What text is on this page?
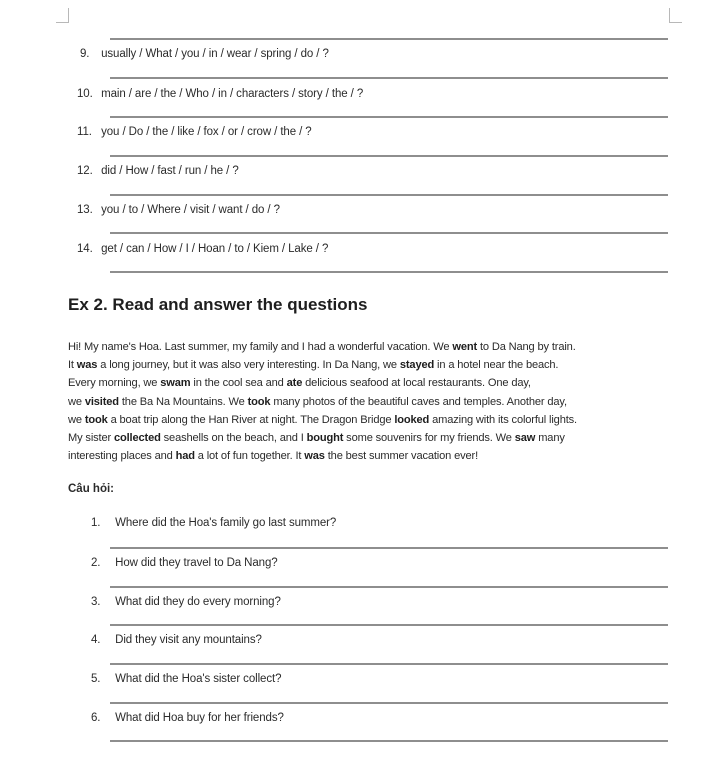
9. usually / What / you / in / wear / spring / do / ?
10. main / are / the / Who / in / characters / story / the / ?
11. you / Do / the / like / fox / or / crow / the / ?
12. did / How / fast / run / he / ?
13. you / to / Where / visit / want / do / ?
14. get / can / How / I / Hoan / to / Kiem / Lake / ?
Ex 2. Read and answer the questions
Hi! My name's Hoa. Last summer, my family and I had a wonderful vacation. We went to Da Nang by train.
It was a long journey, but it was also very interesting. In Da Nang, we stayed in a hotel near the beach.
Every morning, we swam in the cool sea and ate delicious seafood at local restaurants. One day,
we visited the Ba Na Mountains. We took many photos of the beautiful caves and temples. Another day,
we took a boat trip along the Han River at night. The Dragon Bridge looked amazing with its colorful lights.
My sister collected seashells on the beach, and I bought some souvenirs for my friends. We saw many
interesting places and had a lot of fun together. It was the best summer vacation ever!
Câu hỏi:
1. Where did the Hoa's family go last summer?
2. How did they travel to Da Nang?
3. What did they do every morning?
4. Did they visit any mountains?
5. What did the Hoa's sister collect?
6. What did Hoa buy for her friends?
